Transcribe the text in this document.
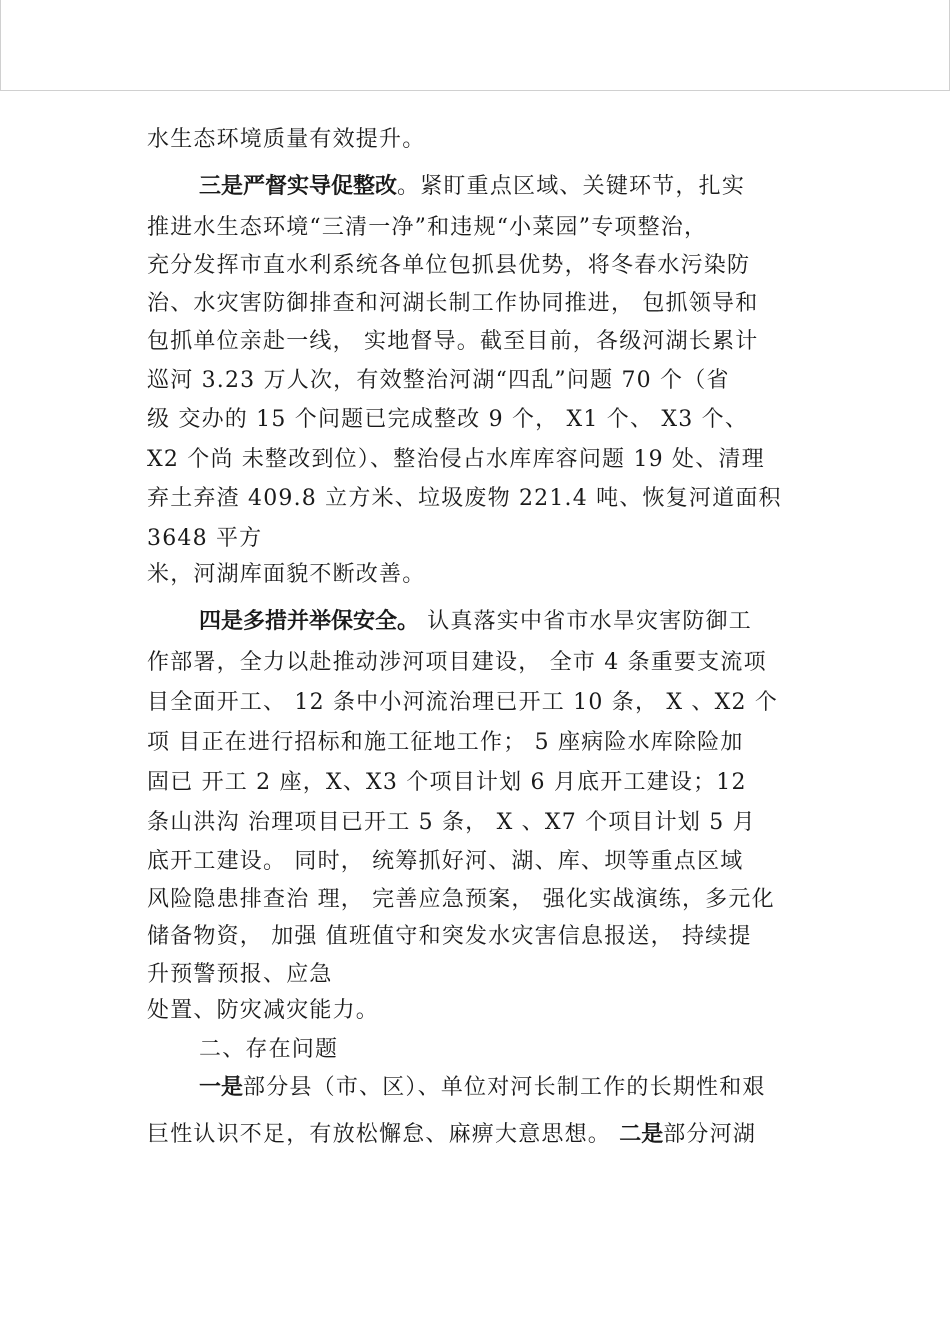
水生态环境质量有效提升。
三是严督实导促整改。紧盯重点区域、关键环节，扎实
推进水生态环境“三清一净”和违规“小菜园”专项整治，
充分发挥市直水利系统各单位包抓县优势，将冬春水污染防
治、水灾害防御排查和河湖长制工作协同推进， 包抓领导和
包抓单位亲赴一线， 实地督导。截至目前，各级河湖长累计
巡河 3.23 万人次，有效整治河湖“四乱”问题 70 个（省
级 交办的 15 个问题已完成整改 9 个， X1 个、 X3 个、
X2 个尚 未整改到位）、整治侵占水库库容问题 19 处、清理
弃土弃渣 409.8 立方米、垃圾废物 221.4 吨、恢复河道面积
3648 平方
米，河湖库面貌不断改善。
四是多措并举保安全。 认真落实中省市水旱灾害防御工
作部署，全力以赴推动涉河项目建设， 全市 4 条重要支流项
目全面开工、 12 条中小河流治理已开工 10 条， X 、X2 个
项 目正在进行招标和施工征地工作； 5 座病险水库除险加
固已 开工 2 座，X、X3 个项目计划 6 月底开工建设；12
条山洪沟 治理项目已开工 5 条， X 、X7 个项目计划 5 月
底开工建设。 同时， 统筹抓好河、湖、库、坝等重点区域
风险隐患排查治 理， 完善应急预案， 强化实战演练，多元化
储备物资， 加强 值班值守和突发水灾害信息报送， 持续提
升预警预报、应急
处置、防灾减灾能力。
二、存在问题
一是部分县（市、区）、单位对河长制工作的长期性和艰
巨性认识不足，有放松懈怠、麻痹大意思想。 二是部分河湖
